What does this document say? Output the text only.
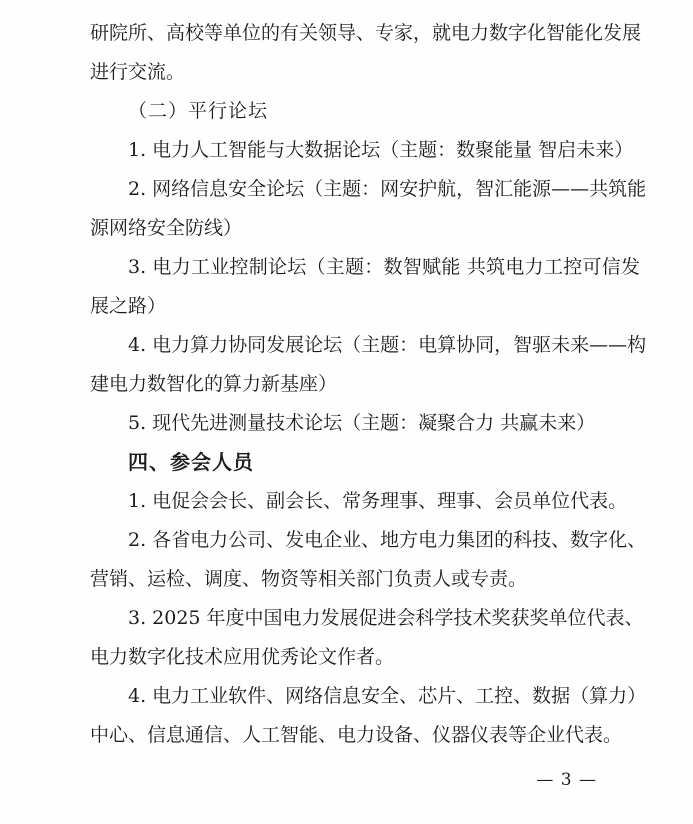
研院所、高校等单位的有关领导、专家，就电力数字化智能化发展
进行交流。
（二）平行论坛
1. 电力人工智能与大数据论坛（主题：数聚能量 智启未来）
2. 网络信息安全论坛（主题：网安护航，智汇能源——共筑能
源网络安全防线）
3. 电力工业控制论坛（主题：数智赋能 共筑电力工控可信发
展之路）
4. 电力算力协同发展论坛（主题：电算协同，智驱未来——构
建电力数智化的算力新基座）
5. 现代先进测量技术论坛（主题：凝聚合力 共赢未来）
四、参会人员
1. 电促会会长、副会长、常务理事、理事、会员单位代表。
2. 各省电力公司、发电企业、地方电力集团的科技、数字化、
营销、运检、调度、物资等相关部门负责人或专责。
3. 2025 年度中国电力发展促进会科学技术奖获奖单位代表、
电力数字化技术应用优秀论文作者。
4. 电力工业软件、网络信息安全、芯片、工控、数据（算力）
中心、信息通信、人工智能、电力设备、仪器仪表等企业代表。
— 3 —
